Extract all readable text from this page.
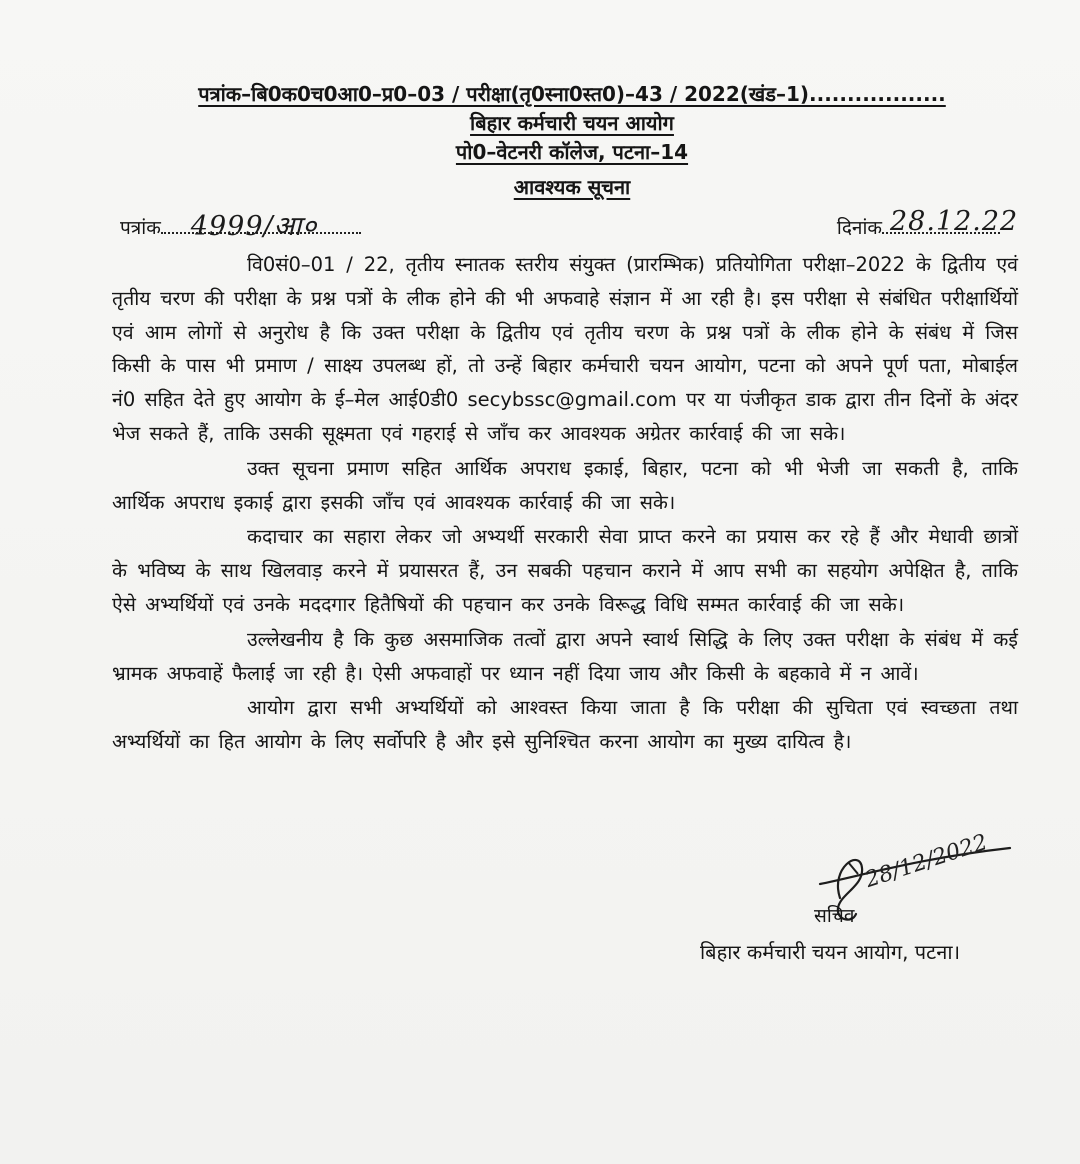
पत्रांक–बि0क0च0आ0–प्र0–03 / परीक्षा(तृ0स्ना0स्त0)–43 / 2022(खंड–1)..................
बिहार कर्मचारी चयन आयोग
पो0–वेटनरी कॉलेज, पटना–14
आवश्यक सूचना
पत्रांक 4999/आ०	दिनांक 28.12.22

वि0सं0–01 / 22, तृतीय स्नातक स्तरीय संयुक्त (प्रारम्भिक) प्रतियोगिता परीक्षा–2022 के द्वितीय एवं तृतीय चरण की परीक्षा के प्रश्न पत्रों के लीक होने की भी अफवाहे संज्ञान में आ रही है। इस परीक्षा से संबंधित परीक्षार्थियों एवं आम लोगों से अनुरोध है कि उक्त परीक्षा के द्वितीय एवं तृतीय चरण के प्रश्न पत्रों के लीक होने के संबंध में जिस किसी के पास भी प्रमाण / साक्ष्य उपलब्ध हों, तो उन्हें बिहार कर्मचारी चयन आयोग, पटना को अपने पूर्ण पता, मोबाईल नं0 सहित देते हुए आयोग के ई–मेल आई0डी0 secybssc@gmail.com पर या पंजीकृत डाक द्वारा तीन दिनों के अंदर भेज सकते हैं, ताकि उसकी सूक्ष्मता एवं गहराई से जाँच कर आवश्यक अग्रेतर कार्रवाई की जा सके।

उक्त सूचना प्रमाण सहित आर्थिक अपराध इकाई, बिहार, पटना को भी भेजी जा सकती है, ताकि आर्थिक अपराध इकाई द्वारा इसकी जाँच एवं आवश्यक कार्रवाई की जा सके।

कदाचार का सहारा लेकर जो अभ्यर्थी सरकारी सेवा प्राप्त करने का प्रयास कर रहे हैं और मेधावी छात्रों के भविष्य के साथ खिलवाड़ करने में प्रयासरत हैं, उन सबकी पहचान कराने में आप सभी का सहयोग अपेक्षित है, ताकि ऐसे अभ्यर्थियों एवं उनके मददगार हितैषियों की पहचान कर उनके विरूद्ध विधि सम्मत कार्रवाई की जा सके।

उल्लेखनीय है कि कुछ असमाजिक तत्वों द्वारा अपने स्वार्थ सिद्धि के लिए उक्त परीक्षा के संबंध में कई भ्रामक अफवाहें फैलाई जा रही है। ऐसी अफवाहों पर ध्यान नहीं दिया जाय और किसी के बहकावे में न आवें।

आयोग द्वारा सभी अभ्यर्थियों को आश्वस्त किया जाता है कि परीक्षा की सुचिता एवं स्वच्छता तथा अभ्यर्थियों का हित आयोग के लिए सर्वोपरि है और इसे सुनिश्चित करना आयोग का मुख्य दायित्व है।

28/12/2022
सचिव
बिहार कर्मचारी चयन आयोग, पटना।
